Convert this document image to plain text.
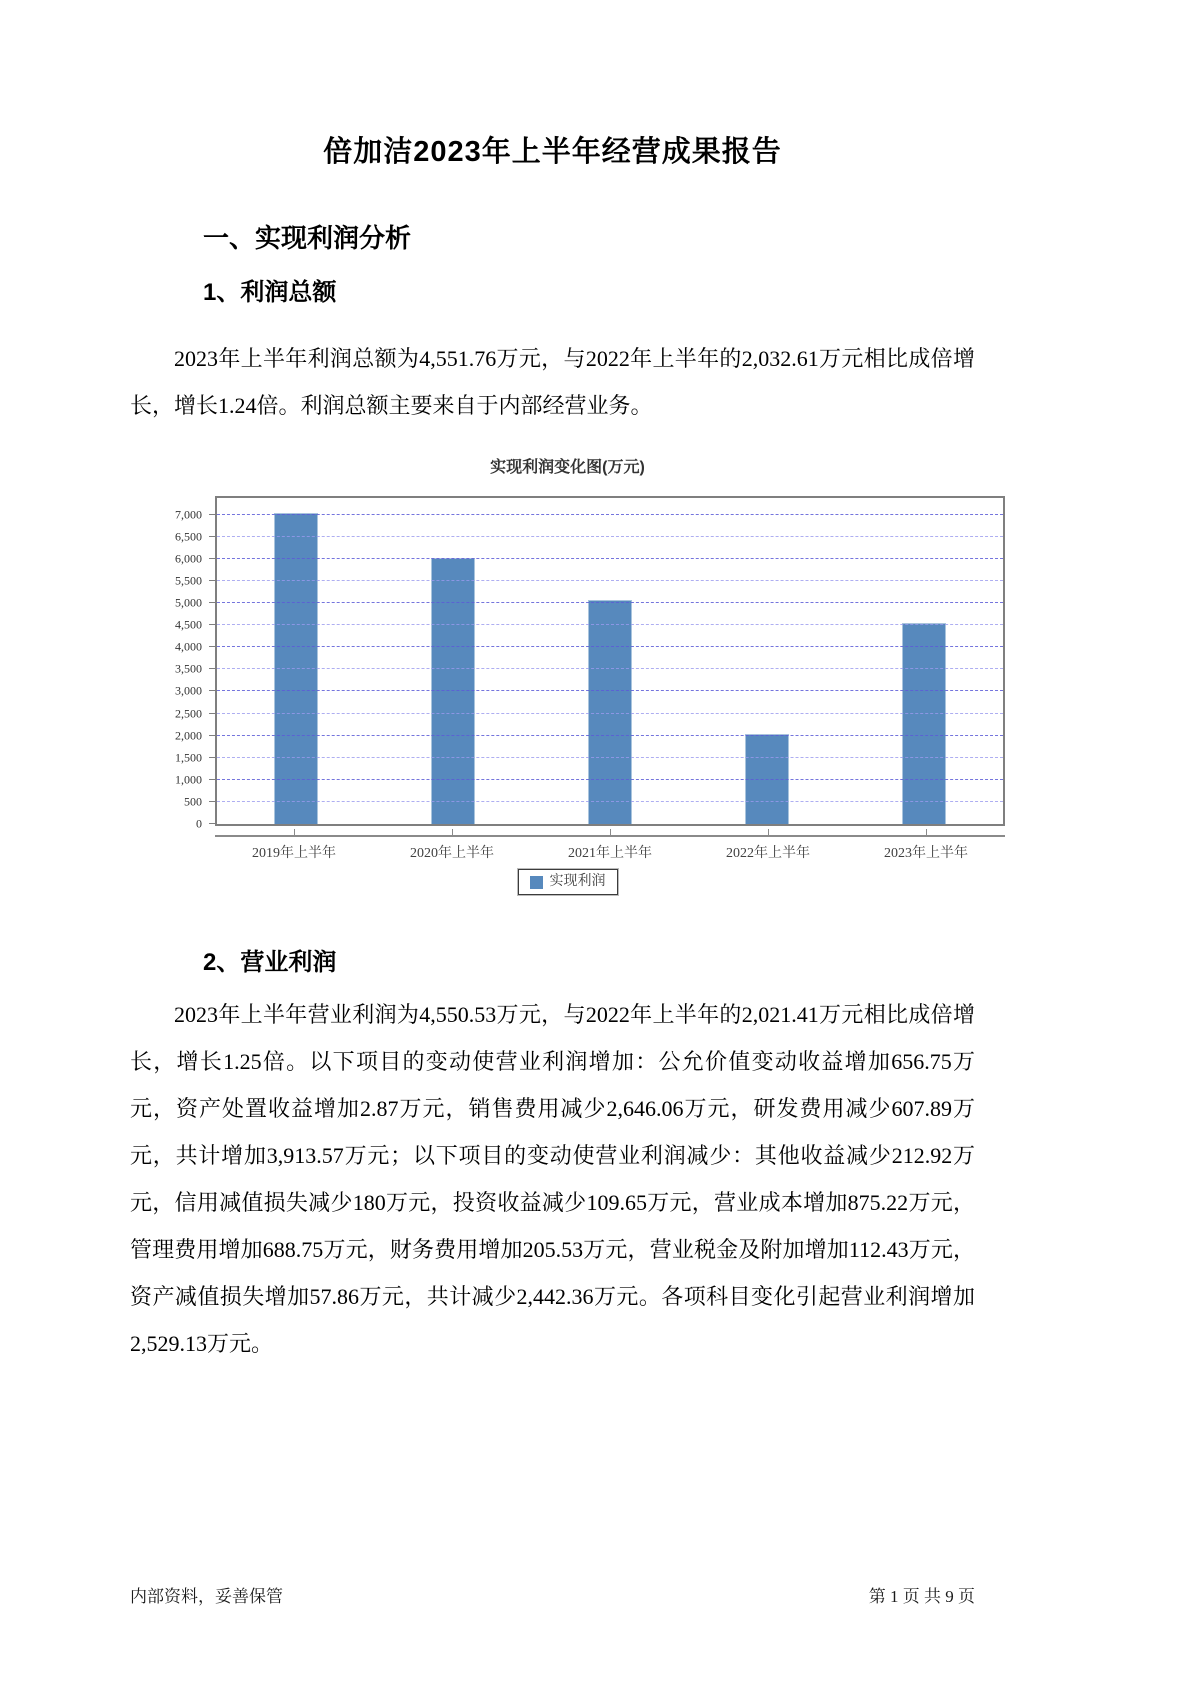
倍加洁2023年上半年经营成果报告
一、实现利润分析
1、利润总额

2023年上半年利润总额为4,551.76万元，与2022年上半年的2,032.61万元相比成倍增长，增长1.24倍。利润总额主要来自于内部经营业务。

实现利润变化图(万元)
7,000
6,500
6,000
5,500
5,000
4,500
4,000
3,500
3,000
2,500
2,000
1,500
1,000
500
0
2019年上半年	2020年上半年	2021年上半年	2022年上半年	2023年上半年
实现利润
2、营业利润

2023年上半年营业利润为4,550.53万元，与2022年上半年的2,021.41万元相比成倍增长，增长1.25倍。以下项目的变动使营业利润增加：公允价值变动收益增加656.75万元，资产处置收益增加2.87万元，销售费用减少2,646.06万元，研发费用减少607.89万元，共计增加3,913.57万元；以下项目的变动使营业利润减少：其他收益减少212.92万元，信用减值损失减少180万元，投资收益减少109.65万元，营业成本增加875.22万元，管理费用增加688.75万元，财务费用增加205.53万元，营业税金及附加增加112.43万元，资产减值损失增加57.86万元，共计减少2,442.36万元。各项科目变化引起营业利润增加2,529.13万元。

内部资料，妥善保管	第 1 页 共 9 页
